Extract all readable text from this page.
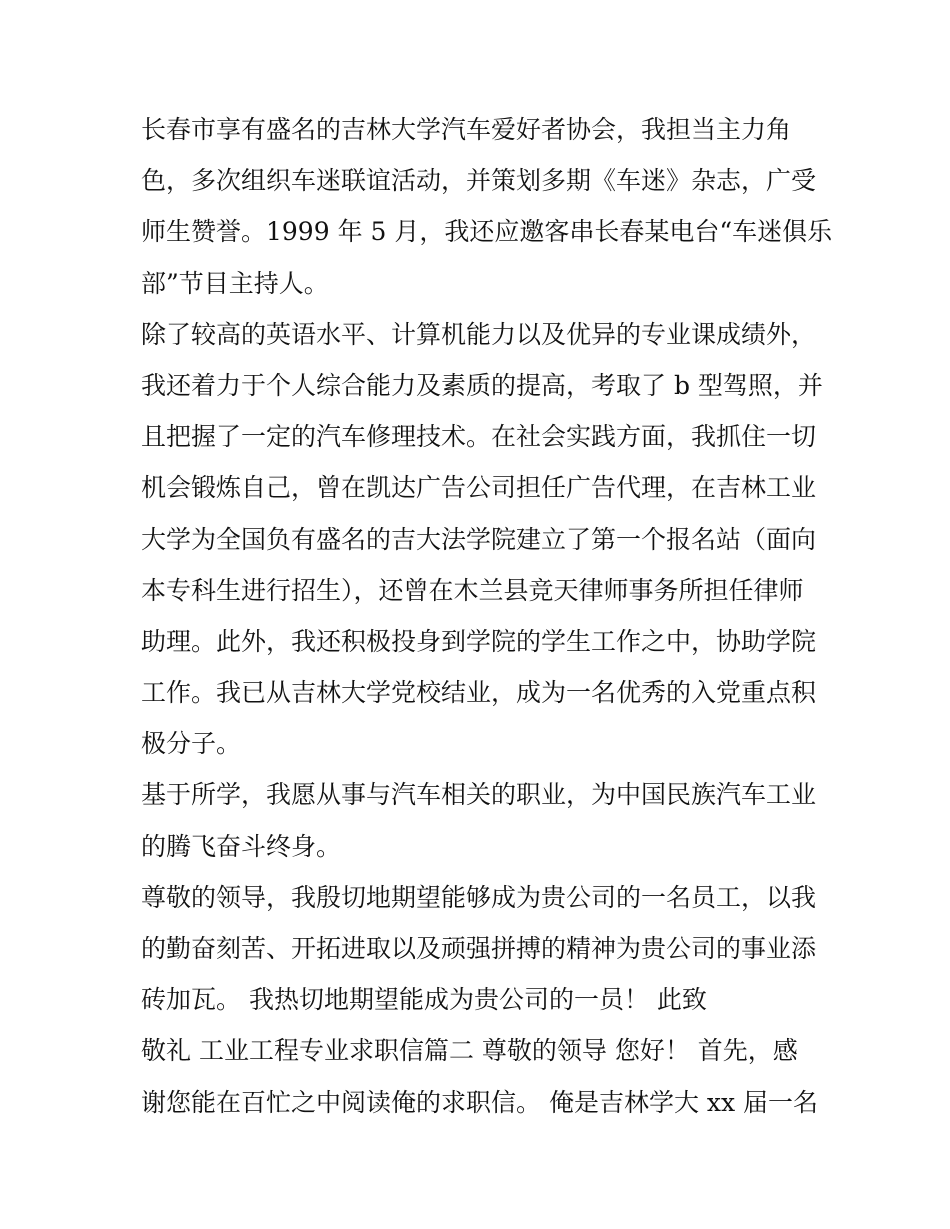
长春市享有盛名的吉林大学汽车爱好者协会，我担当主力角
色，多次组织车迷联谊活动，并策划多期《车迷》杂志，广受
师生赞誉。1999 年 5 月，我还应邀客串长春某电台“车迷俱乐
部”节目主持人。
除了较高的英语水平、计算机能力以及优异的专业课成绩外，
我还着力于个人综合能力及素质的提高，考取了 b 型驾照，并
且把握了一定的汽车修理技术。在社会实践方面，我抓住一切
机会锻炼自己，曾在凯达广告公司担任广告代理，在吉林工业
大学为全国负有盛名的吉大法学院建立了第一个报名站（面向
本专科生进行招生），还曾在木兰县竞天律师事务所担任律师
助理。此外，我还积极投身到学院的学生工作之中，协助学院
工作。我已从吉林大学党校结业，成为一名优秀的入党重点积
极分子。
基于所学，我愿从事与汽车相关的职业，为中国民族汽车工业
的腾飞奋斗终身。
尊敬的领导，我殷切地期望能够成为贵公司的一名员工，以我
的勤奋刻苦、开拓进取以及顽强拼搏的精神为贵公司的事业添
砖加瓦。 我热切地期望能成为贵公司的一员！ 此致
敬礼 工业工程专业求职信篇二 尊敬的领导 您好！ 首先，感
谢您能在百忙之中阅读俺的求职信。 俺是吉林学大 xx 届一名
